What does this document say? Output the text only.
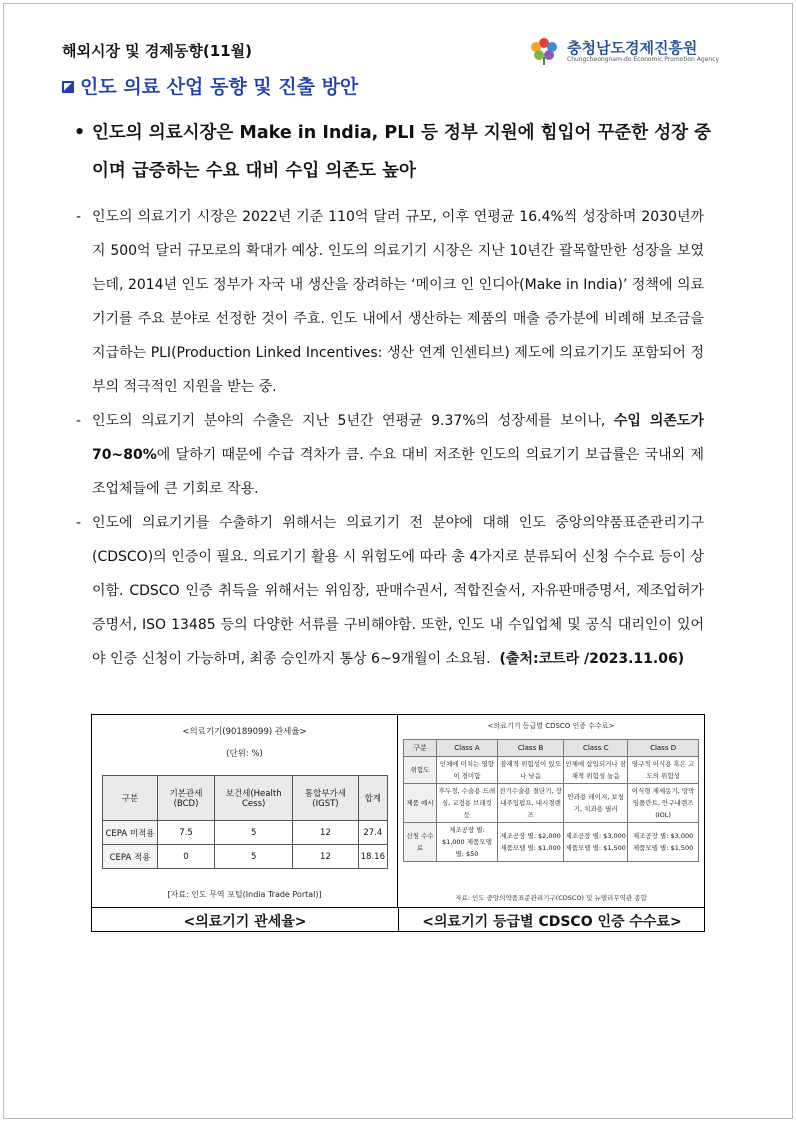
해외시장 및 경제동향(11월)	충청남도경제진흥원
Chungcheongnam-do Economic Promotion Agency
인도 의료 산업 동향 및 진출 방안
• 인도의 의료시장은 Make in India, PLI 등 정부 지원에 힘입어 꾸준한 성장 중이며 급증하는 수요 대비 수입 의존도 높아
- 인도의 의료기기 시장은 2022년 기준 110억 달러 규모, 이후 연평균 16.4%씩 성장하며 2030년까지 500억 달러 규모로의 확대가 예상. 인도의 의료기기 시장은 지난 10년간 괄목할만한 성장을 보였는데, 2014년 인도 정부가 자국 내 생산을 장려하는 ‘메이크 인 인디아(Make in India)’ 정책에 의료기기를 주요 분야로 선정한 것이 주효. 인도 내에서 생산하는 제품의 매출 증가분에 비례해 보조금을 지급하는 PLI(Production Linked Incentives: 생산 연계 인센티브) 제도에 의료기기도 포함되어 정부의 적극적인 지원을 받는 중.
- 인도의 의료기기 분야의 수출은 지난 5년간 연평균 9.37%의 성장세를 보이나, 수입 의존도가 70~80%에 달하기 때문에 수급 격차가 큼. 수요 대비 저조한 인도의 의료기기 보급률은 국내외 제조업체들에 큰 기회로 작용.
- 인도에 의료기기를 수출하기 위해서는 의료기기 전 분야에 대해 인도 중앙의약품표준관리기구(CDSCO)의 인증이 필요. 의료기기 활용 시 위험도에 따라 총 4가지로 분류되어 신청 수수료 등이 상이함. CDSCO 인증 취득을 위해서는 위임장, 판매수권서, 적합진술서, 자유판매증명서, 제조업허가증명서, ISO 13485 등의 다양한 서류를 구비해야함. 또한, 인도 내 수입업체 및 공식 대리인이 있어야 인증 신청이 가능하며, 최종 승인까지 통상 6~9개월이 소요됨. (출처:코트라 /2023.11.06)
<의료기기(90189099) 관세율>
(단위: %)
구분	기본관세(BCD)	보건세(Health Cess)	통합부가세(IGST)	합계
CEPA 미적용	7.5	5	12	27.4
CEPA 적용	0	5	12	18.16
[자료: 인도 무역 포털(India Trade Portal)]
<의료기기 등급별 CDSCO 인증 수수료>
구분	Class A	Class B	Class C	Class D
위험도	인체에 미치는 영향이 경미함	잠재적 위험성이 있으나 낮음	인체에 삽입되거나 잠재적 위험성 높음	영구적 이식용 혹은 고도의 위험성
제품 예시	후두경, 수술용 드레싱, 교정용 브래킷 등	전기수술용 절단기, 장내주입펌프, 내시경렌즈	안과용 레이저, 보청기, 치과용 필러	이식형 제세동기, 망막 임플란트, 안구내렌즈(IOL)
신청 수수료	제조공장 별: $1,000 제품모델 별: $50	제조공장 별: $2,000 제품모델 별: $1,000	제조공장 별: $3,000 제품모델 별: $1,500	제조공장 별: $3,000 제품모델 별: $1,500
자료: 인도 중앙의약품표준관리기구(CDSCO) 및 뉴델리무역관 종합
<의료기기 관세율>	<의료기기 등급별 CDSCO 인증 수수료>
